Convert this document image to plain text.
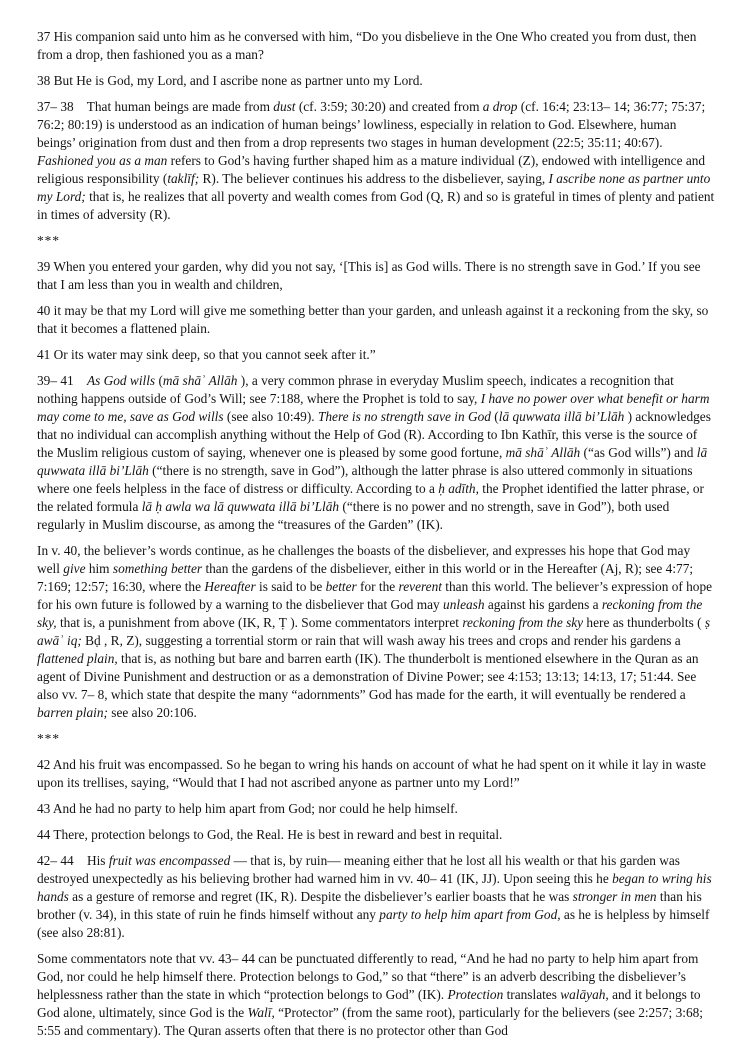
37 His companion said unto him as he conversed with him, “Do you disbelieve in the One Who created you from dust, then from a drop, then fashioned you as a man?

38 But He is God, my Lord, and I ascribe none as partner unto my Lord.

37– 38    That human beings are made from dust (cf. 3:59; 30:20) and created from a drop (cf. 16:4; 23:13– 14; 36:77; 75:37; 76:2; 80:19) is understood as an indication of human beings’ lowliness, especially in relation to God. Elsewhere, human beings’ origination from dust and then from a drop represents two stages in human development (22:5; 35:11; 40:67). Fashioned you as a man refers to God’s having further shaped him as a mature individual (Z), endowed with intelligence and religious responsibility (taklīf; R). The believer continues his address to the disbeliever, saying, I ascribe none as partner unto my Lord; that is, he realizes that all poverty and wealth comes from God (Q, R) and so is grateful in times of plenty and patient in times of adversity (R).

***

39 When you entered your garden, why did you not say, ‘[This is] as God wills. There is no strength save in God.’ If you see that I am less than you in wealth and children,

40 it may be that my Lord will give me something better than your garden, and unleash against it a reckoning from the sky, so that it becomes a flattened plain.

41 Or its water may sink deep, so that you cannot seek after it.”

39– 41    As God wills (mā shāʾ Allāh ), a very common phrase in everyday Muslim speech, indicates a recognition that nothing happens outside of God’s Will; see 7:188, where the Prophet is told to say, I have no power over what benefit or harm may come to me, save as God wills (see also 10:49). There is no strength save in God (lā quwwata illā bi’Llāh ) acknowledges that no individual can accomplish anything without the Help of God (R). According to Ibn Kathīr, this verse is the source of the Muslim religious custom of saying, whenever one is pleased by some good fortune, mā shāʾ Allāh (“as God wills”) and lā quwwata illā bi’Llāh (“there is no strength, save in God”), although the latter phrase is also uttered commonly in situations where one feels helpless in the face of distress or difficulty. According to a ḥ adīth, the Prophet identified the latter phrase, or the related formula lā ḥ awla wa lā quwwata illā bi’Llāh (“there is no power and no strength, save in God”), both used regularly in Muslim discourse, as among the “treasures of the Garden” (IK).

In v. 40, the believer’s words continue, as he challenges the boasts of the disbeliever, and expresses his hope that God may well give him something better than the gardens of the disbeliever, either in this world or in the Hereafter (Aj, R); see 4:77; 7:169; 12:57; 16:30, where the Hereafter is said to be better for the reverent than this world. The believer’s expression of hope for his own future is followed by a warning to the disbeliever that God may unleash against his gardens a reckoning from the sky, that is, a punishment from above (IK, R, Ṭ ). Some commentators interpret reckoning from the sky here as thunderbolts ( ṣ awāʾ iq; Bḍ , R, Z), suggesting a torrential storm or rain that will wash away his trees and crops and render his gardens a flattened plain, that is, as nothing but bare and barren earth (IK). The thunderbolt is mentioned elsewhere in the Quran as an agent of Divine Punishment and destruction or as a demonstration of Divine Power; see 4:153; 13:13; 14:13, 17; 51:44. See also vv. 7– 8, which state that despite the many “adornments” God has made for the earth, it will eventually be rendered a barren plain; see also 20:106.

***

42 And his fruit was encompassed. So he began to wring his hands on account of what he had spent on it while it lay in waste upon its trellises, saying, “Would that I had not ascribed anyone as partner unto my Lord!”

43 And he had no party to help him apart from God; nor could he help himself.

44 There, protection belongs to God, the Real. He is best in reward and best in requital.

42– 44    His fruit was encompassed — that is, by ruin— meaning either that he lost all his wealth or that his garden was destroyed unexpectedly as his believing brother had warned him in vv. 40– 41 (IK, JJ). Upon seeing this he began to wring his hands as a gesture of remorse and regret (IK, R). Despite the disbeliever’s earlier boasts that he was stronger in men than his brother (v. 34), in this state of ruin he finds himself without any party to help him apart from God, as he is helpless by himself (see also 28:81).

Some commentators note that vv. 43– 44 can be punctuated differently to read, “And he had no party to help him apart from God, nor could he help himself there. Protection belongs to God,” so that “there” is an adverb describing the disbeliever’s helplessness rather than the state in which “protection belongs to God” (IK). Protection translates walāyah, and it belongs to God alone, ultimately, since God is the Walī, “Protector” (from the same root), particularly for the believers (see 2:257; 3:68; 5:55 and commentary). The Quran asserts often that there is no protector other than God
